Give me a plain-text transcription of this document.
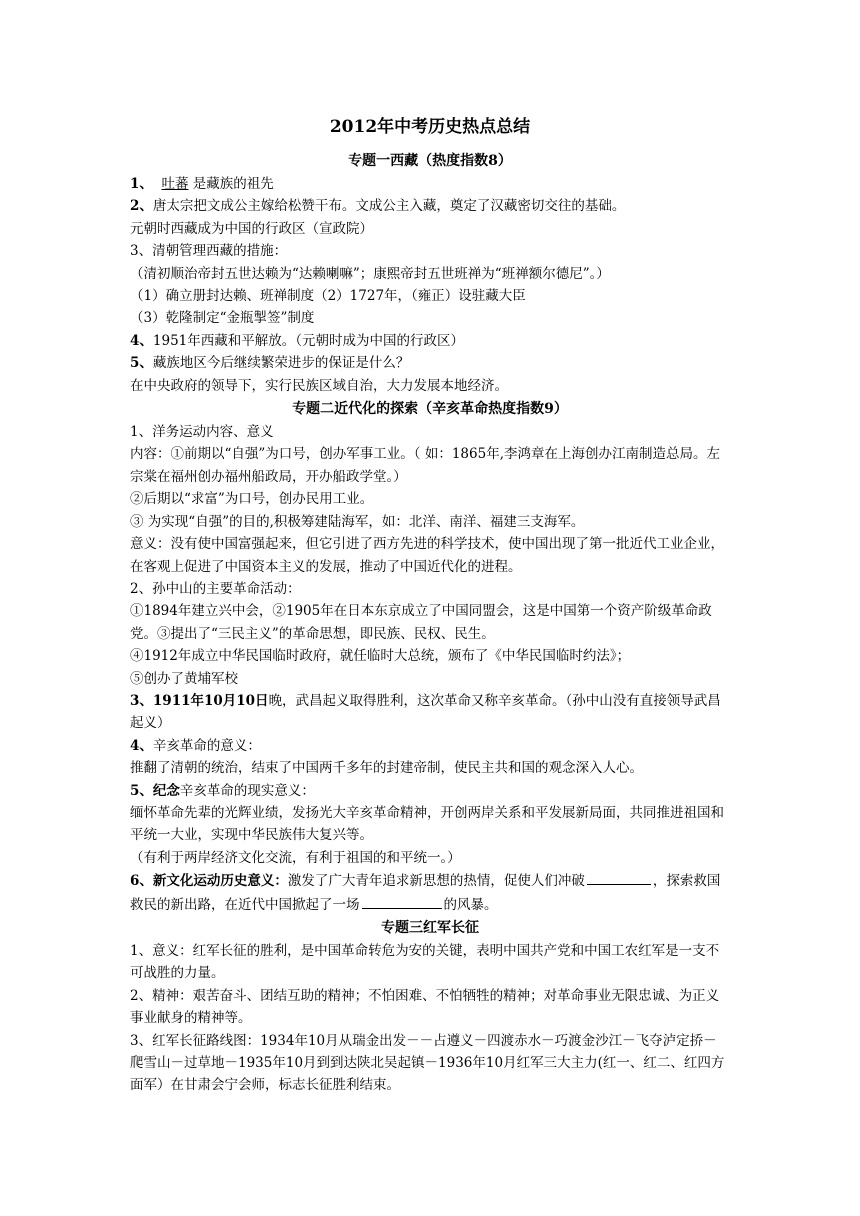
2012年中考历史热点总结
专题一西藏（热度指数8）

1、 吐蕃 是藏族的祖先

2、唐太宗把文成公主嫁给松赞干布。文成公主入藏，奠定了汉藏密切交往的基础。

元朝时西藏成为中国的行政区（宣政院）

3、清朝管理西藏的措施：

（清初顺治帝封五世达赖为“达赖喇嘛”；康熙帝封五世班禅为“班禅额尔德尼”。）

（1）确立册封达赖、班禅制度（2）1727年，（雍正）设驻藏大臣

（3）乾隆制定“金瓶掣签”制度

4、1951年西藏和平解放。（元朝时成为中国的行政区）

5、藏族地区今后继续繁荣进步的保证是什么？

在中央政府的领导下，实行民族区域自治，大力发展本地经济。

专题二近代化的探索（辛亥革命热度指数9）

1、洋务运动内容、意义

内容：①前期以“自强”为口号，创办军事工业。（ 如：1865年,李鸿章在上海创办江南制造总局。左宗棠在福州创办福州船政局，开办船政学堂。）

②后期以“求富”为口号，创办民用工业。

③ 为实现“自强”的目的,积极筹建陆海军，如：北洋、南洋、福建三支海军。

意义：没有使中国富强起来，但它引进了西方先进的科学技术，使中国出现了第一批近代工业企业，在客观上促进了中国资本主义的发展，推动了中国近代化的进程。

2、孙中山的主要革命活动：

①1894年建立兴中会，②1905年在日本东京成立了中国同盟会，这是中国第一个资产阶级革命政党。③提出了“三民主义”的革命思想，即民族、民权、民生。

④1912年成立中华民国临时政府，就任临时大总统，颁布了《中华民国临时约法》；

⑤创办了黄埔军校

3、1911年10月10日晚，武昌起义取得胜利，这次革命又称辛亥革命。（孙中山没有直接领导武昌起义）

4、辛亥革命的意义：

推翻了清朝的统治，结束了中国两千多年的封建帝制，使民主共和国的观念深入人心。

5、纪念辛亥革命的现实意义：

缅怀革命先辈的光辉业绩，发扬光大辛亥革命精神，开创两岸关系和平发展新局面，共同推进祖国和平统一大业，实现中华民族伟大复兴等。

（有利于两岸经济文化交流，有利于祖国的和平统一。）

6、新文化运动历史意义：激发了广大青年追求新思想的热情，促使人们冲破	，探索救国救民的新出路，在近代中国掀起了一场	的风暴。

专题三红军长征

1、意义：红军长征的胜利，是中国革命转危为安的关键，表明中国共产党和中国工农红军是一支不可战胜的力量。

2、精神：艰苦奋斗、团结互助的精神；不怕困难、不怕牺牲的精神；对革命事业无限忠诚、为正义事业献身的精神等。

3、红军长征路线图：1934年10月从瑞金出发－－占遵义－四渡赤水－巧渡金沙江－飞夺泸定挢－爬雪山－过草地－1935年10月到到达陕北吴起镇－1936年10月红军三大主力(红一、红二、红四方面军）在甘肃会宁会师，标志长征胜利结束。
